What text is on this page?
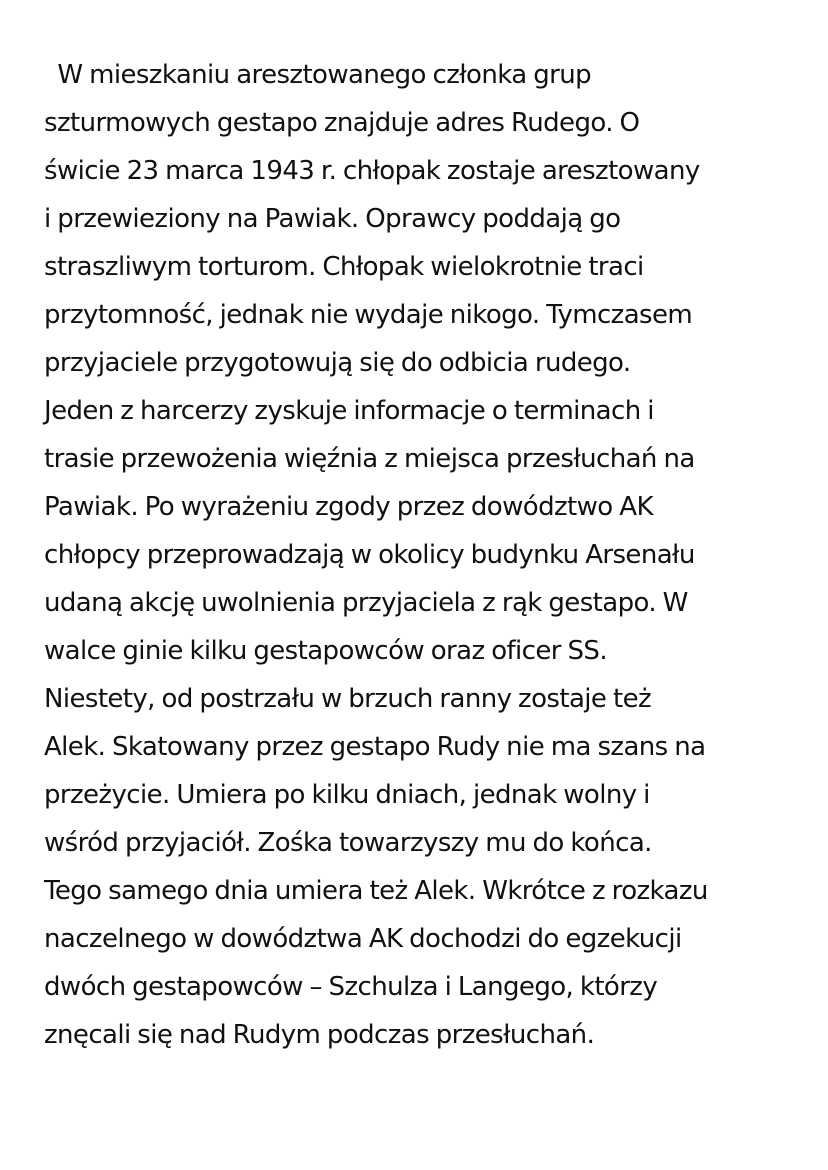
W mieszkaniu aresztowanego członka grup
szturmowych gestapo znajduje adres Rudego. O
świcie 23 marca 1943 r. chłopak zostaje aresztowany
i przewieziony na Pawiak. Oprawcy poddają go
straszliwym torturom. Chłopak wielokrotnie traci
przytomność, jednak nie wydaje nikogo. Tymczasem
przyjaciele przygotowują się do odbicia rudego.
Jeden z harcerzy zyskuje informacje o terminach i
trasie przewożenia więźnia z miejsca przesłuchań na
Pawiak. Po wyrażeniu zgody przez dowództwo AK
chłopcy przeprowadzają w okolicy budynku Arsenału
udaną akcję uwolnienia przyjaciela z rąk gestapo. W
walce ginie kilku gestapowców oraz oficer SS.
Niestety, od postrzału w brzuch ranny zostaje też
Alek. Skatowany przez gestapo Rudy nie ma szans na
przeżycie. Umiera po kilku dniach, jednak wolny i
wśród przyjaciół. Zośka towarzyszy mu do końca.
Tego samego dnia umiera też Alek. Wkrótce z rozkazu
naczelnego w dowództwa AK dochodzi do egzekucji
dwóch gestapowców – Szchulza i Langego, którzy
znęcali się nad Rudym podczas przesłuchań.
